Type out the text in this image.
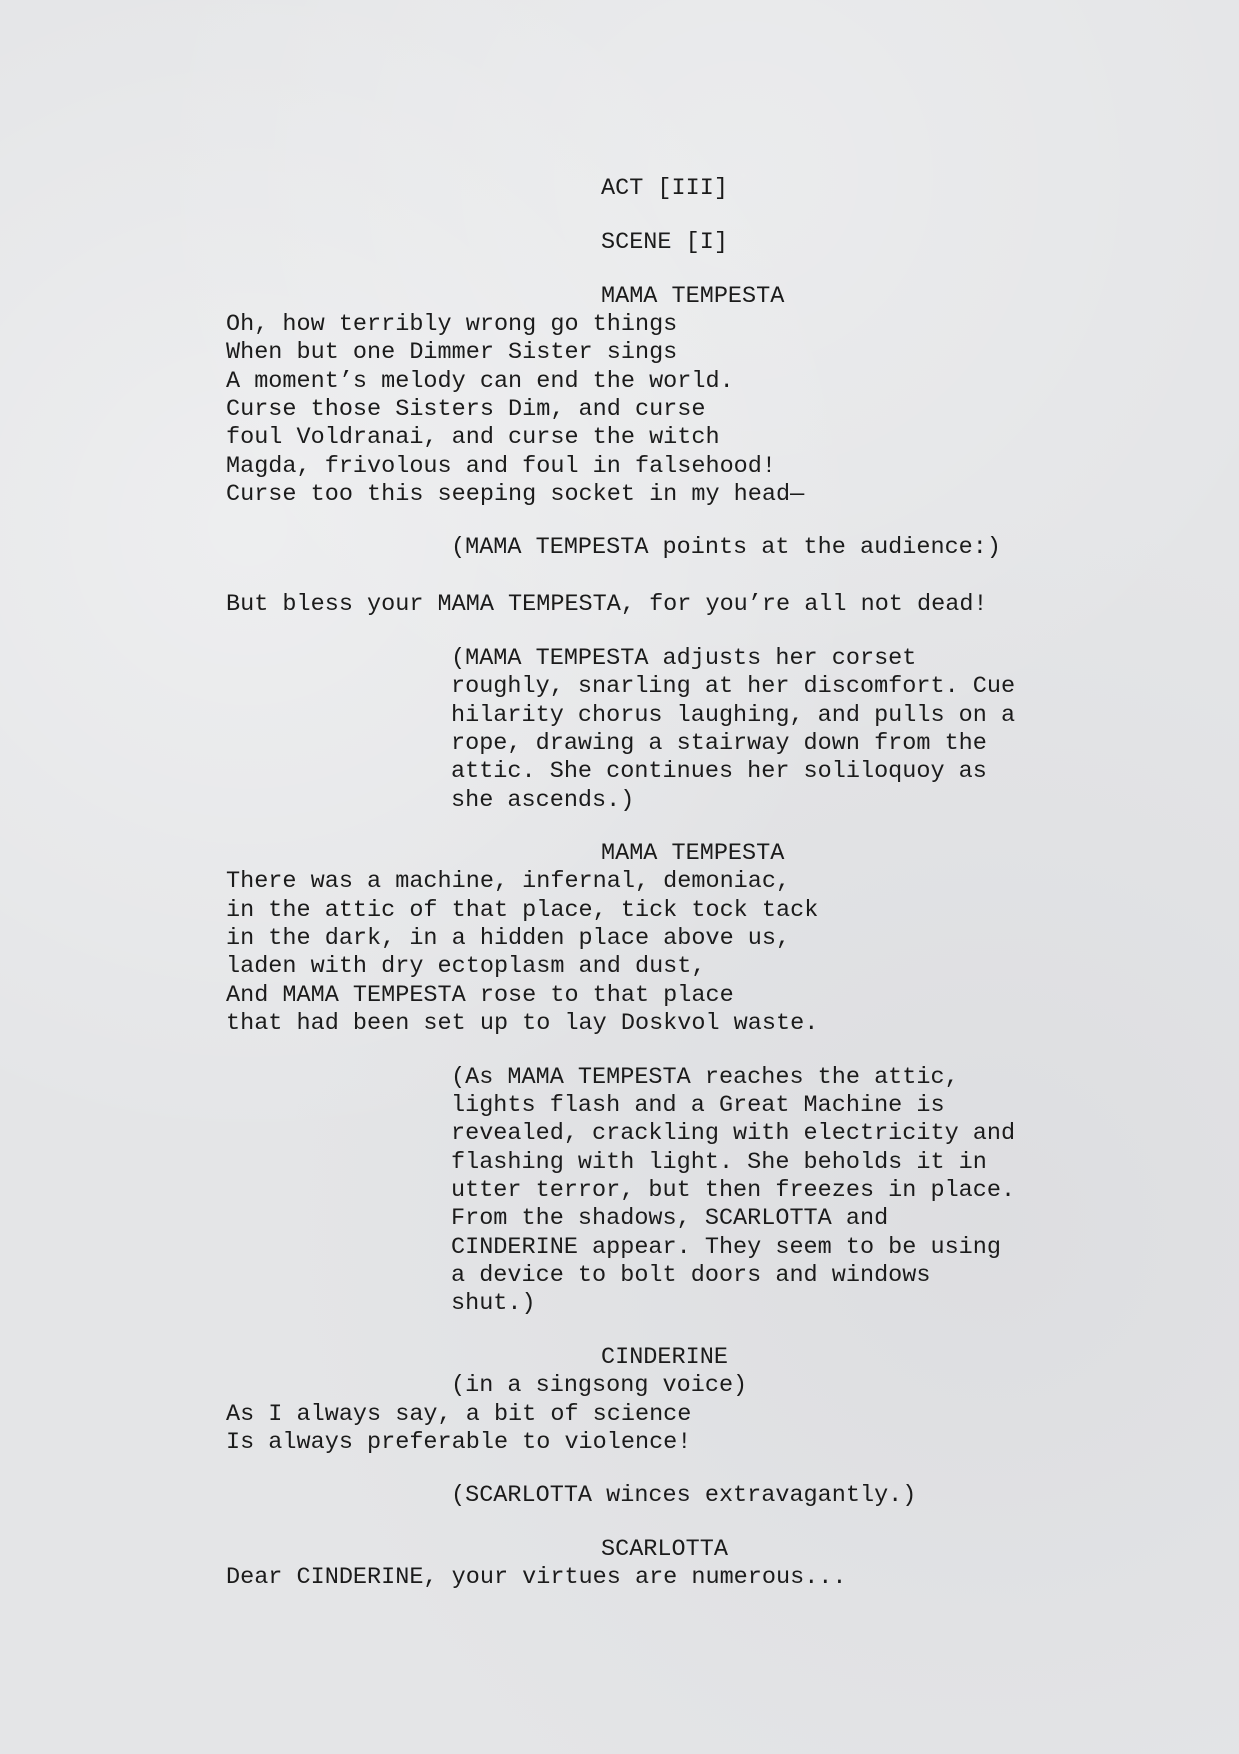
ACT [III]
SCENE [I]
MAMA TEMPESTA
Oh, how terribly wrong go things
When but one Dimmer Sister sings
A moment’s melody can end the world.
Curse those Sisters Dim, and curse
foul Voldranai, and curse the witch
Magda, frivolous and foul in falsehood!
Curse too this seeping socket in my head—
(MAMA TEMPESTA points at the audience:)
But bless your MAMA TEMPESTA, for you’re all not dead!
(MAMA TEMPESTA adjusts her corset
roughly, snarling at her discomfort. Cue
hilarity chorus laughing, and pulls on a
rope, drawing a stairway down from the
attic. She continues her soliloquoy as
she ascends.)
MAMA TEMPESTA
There was a machine, infernal, demoniac,
in the attic of that place, tick tock tack
in the dark, in a hidden place above us,
laden with dry ectoplasm and dust,
And MAMA TEMPESTA rose to that place
that had been set up to lay Doskvol waste.
(As MAMA TEMPESTA reaches the attic,
lights flash and a Great Machine is
revealed, crackling with electricity and
flashing with light. She beholds it in
utter terror, but then freezes in place.
From the shadows, SCARLOTTA and
CINDERINE appear. They seem to be using
a device to bolt doors and windows
shut.)
CINDERINE
(in a singsong voice)
As I always say, a bit of science
Is always preferable to violence!
(SCARLOTTA winces extravagantly.)
SCARLOTTA
Dear CINDERINE, your virtues are numerous...
